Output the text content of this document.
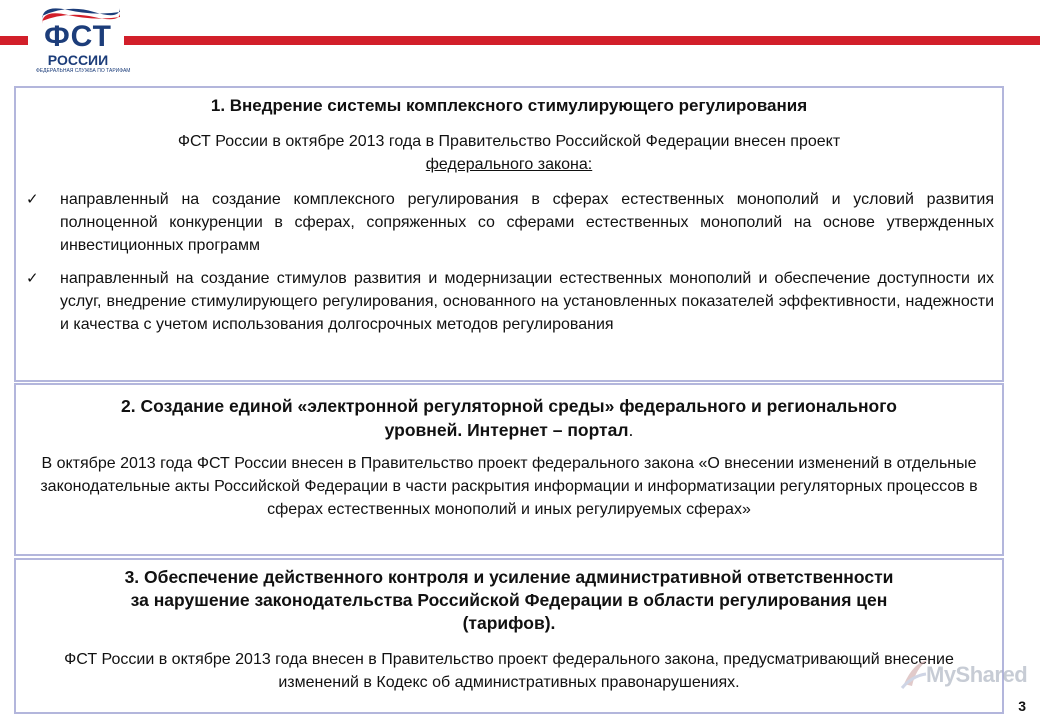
ФСТ
РОССИИ
ФЕДЕРАЛЬНАЯ СЛУЖБА ПО ТАРИФАМ
1. Внедрение системы комплексного стимулирующего регулирования
ФСТ России в октябре 2013 года в Правительство Российской Федерации внесен проект
федерального закона:
✓ направленный на создание комплексного регулирования в сферах естественных монополий и условий развития полноценной конкуренции в сферах, сопряженных со сферами естественных монополий на основе утвержденных инвестиционных программ
✓ направленный на создание стимулов развития и модернизации естественных монополий и обеспечение доступности их услуг, внедрение стимулирующего регулирования, основанного на установленных показателей эффективности, надежности и качества с учетом использования долгосрочных методов регулирования
2. Создание единой «электронной регуляторной среды» федерального и регионального
уровней. Интернет – портал.
В октябре 2013 года ФСТ России внесен в Правительство проект федерального закона «О внесении изменений в отдельные законодательные акты Российской Федерации в части раскрытия информации и информатизации регуляторных процессов в сферах естественных монополий и иных регулируемых сферах»
3. Обеспечение действенного контроля и усиление административной ответственности
за нарушение законодательства Российской Федерации в области регулирования цен
(тарифов).
ФСТ России в октябре 2013 года внесен в Правительство проект федерального закона, предусматривающий внесение изменений в Кодекс об административных правонарушениях.	MyShared
3
